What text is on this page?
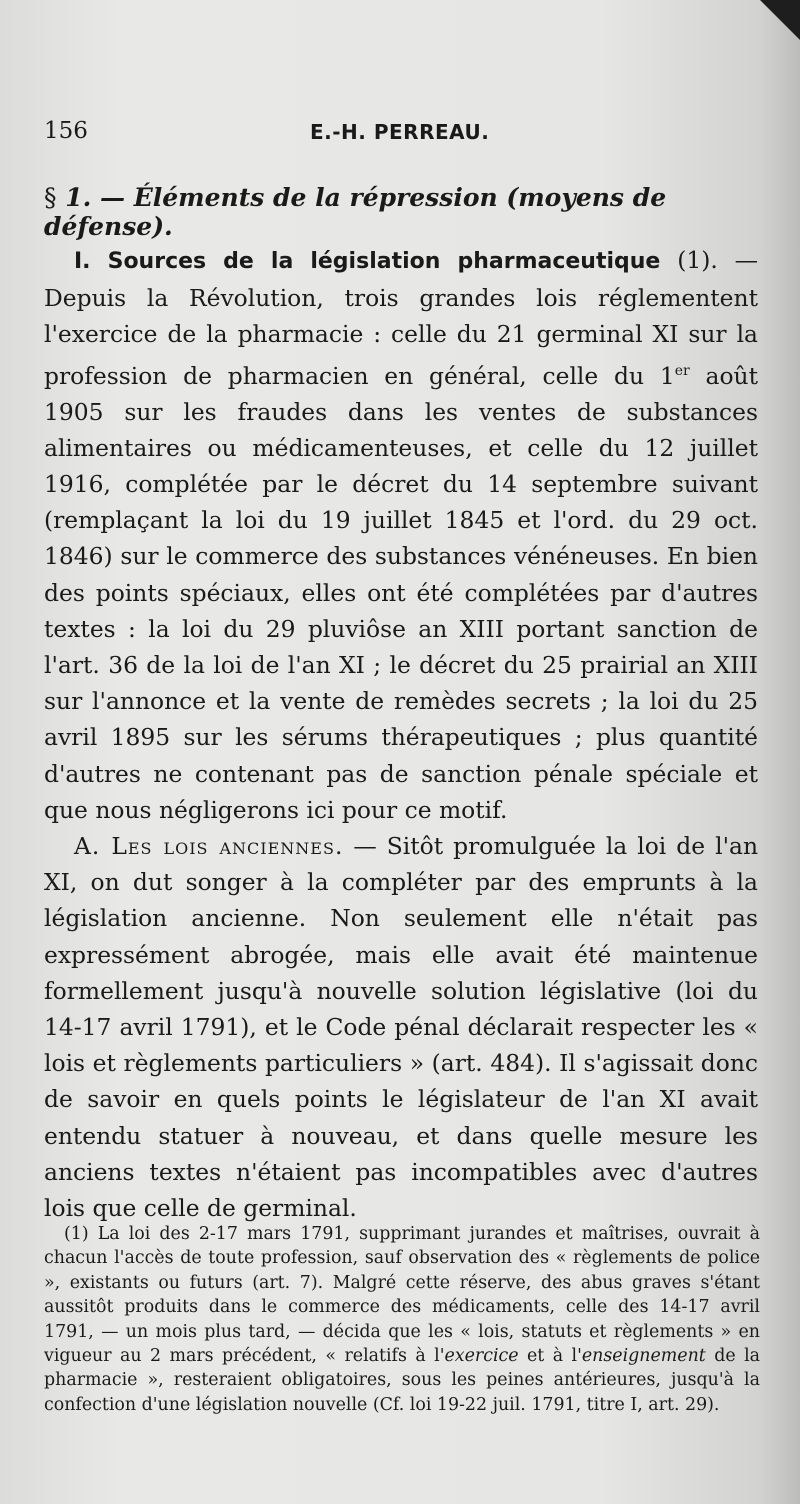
156	E.-H. PERREAU.
§ 1. — Éléments de la répression (moyens de défense).

I. Sources de la législation pharmaceutique (1). — Depuis la Révolution, trois grandes lois réglementent l'exercice de la pharmacie : celle du 21 germinal XI sur la profession de pharmacien en général, celle du 1er août 1905 sur les fraudes dans les ventes de substances alimentaires ou médicamenteuses, et celle du 12 juillet 1916, complétée par le décret du 14 septembre suivant (remplaçant la loi du 19 juillet 1845 et l'ord. du 29 oct. 1846) sur le commerce des substances vénéneuses. En bien des points spéciaux, elles ont été complétées par d'autres textes : la loi du 29 pluviôse an XIII portant sanction de l'art. 36 de la loi de l'an XI ; le décret du 25 prairial an XIII sur l'annonce et la vente de remèdes secrets ; la loi du 25 avril 1895 sur les sérums thérapeutiques ; plus quantité d'autres ne contenant pas de sanction pénale spéciale et que nous négligerons ici pour ce motif.

A. Les lois anciennes. — Sitôt promulguée la loi de l'an XI, on dut songer à la compléter par des emprunts à la législation ancienne. Non seulement elle n'était pas expressément abrogée, mais elle avait été maintenue formellement jusqu'à nouvelle solution législative (loi du 14-17 avril 1791), et le Code pénal déclarait respecter les « lois et règlements particuliers » (art. 484). Il s'agissait donc de savoir en quels points le législateur de l'an XI avait entendu statuer à nouveau, et dans quelle mesure les anciens textes n'étaient pas incompatibles avec d'autres lois que celle de germinal.

(1) La loi des 2-17 mars 1791, supprimant jurandes et maîtrises, ouvrait à chacun l'accès de toute profession, sauf observation des « règlements de police », existants ou futurs (art. 7). Malgré cette réserve, des abus graves s'étant aussitôt produits dans le commerce des médicaments, celle des 14-17 avril 1791, — un mois plus tard, — décida que les « lois, statuts et règlements » en vigueur au 2 mars précédent, « relatifs à l'exercice et à l'enseignement de la pharmacie », resteraient obligatoires, sous les peines antérieures, jusqu'à la confection d'une législation nouvelle (Cf. loi 19-22 juil. 1791, titre I, art. 29).
